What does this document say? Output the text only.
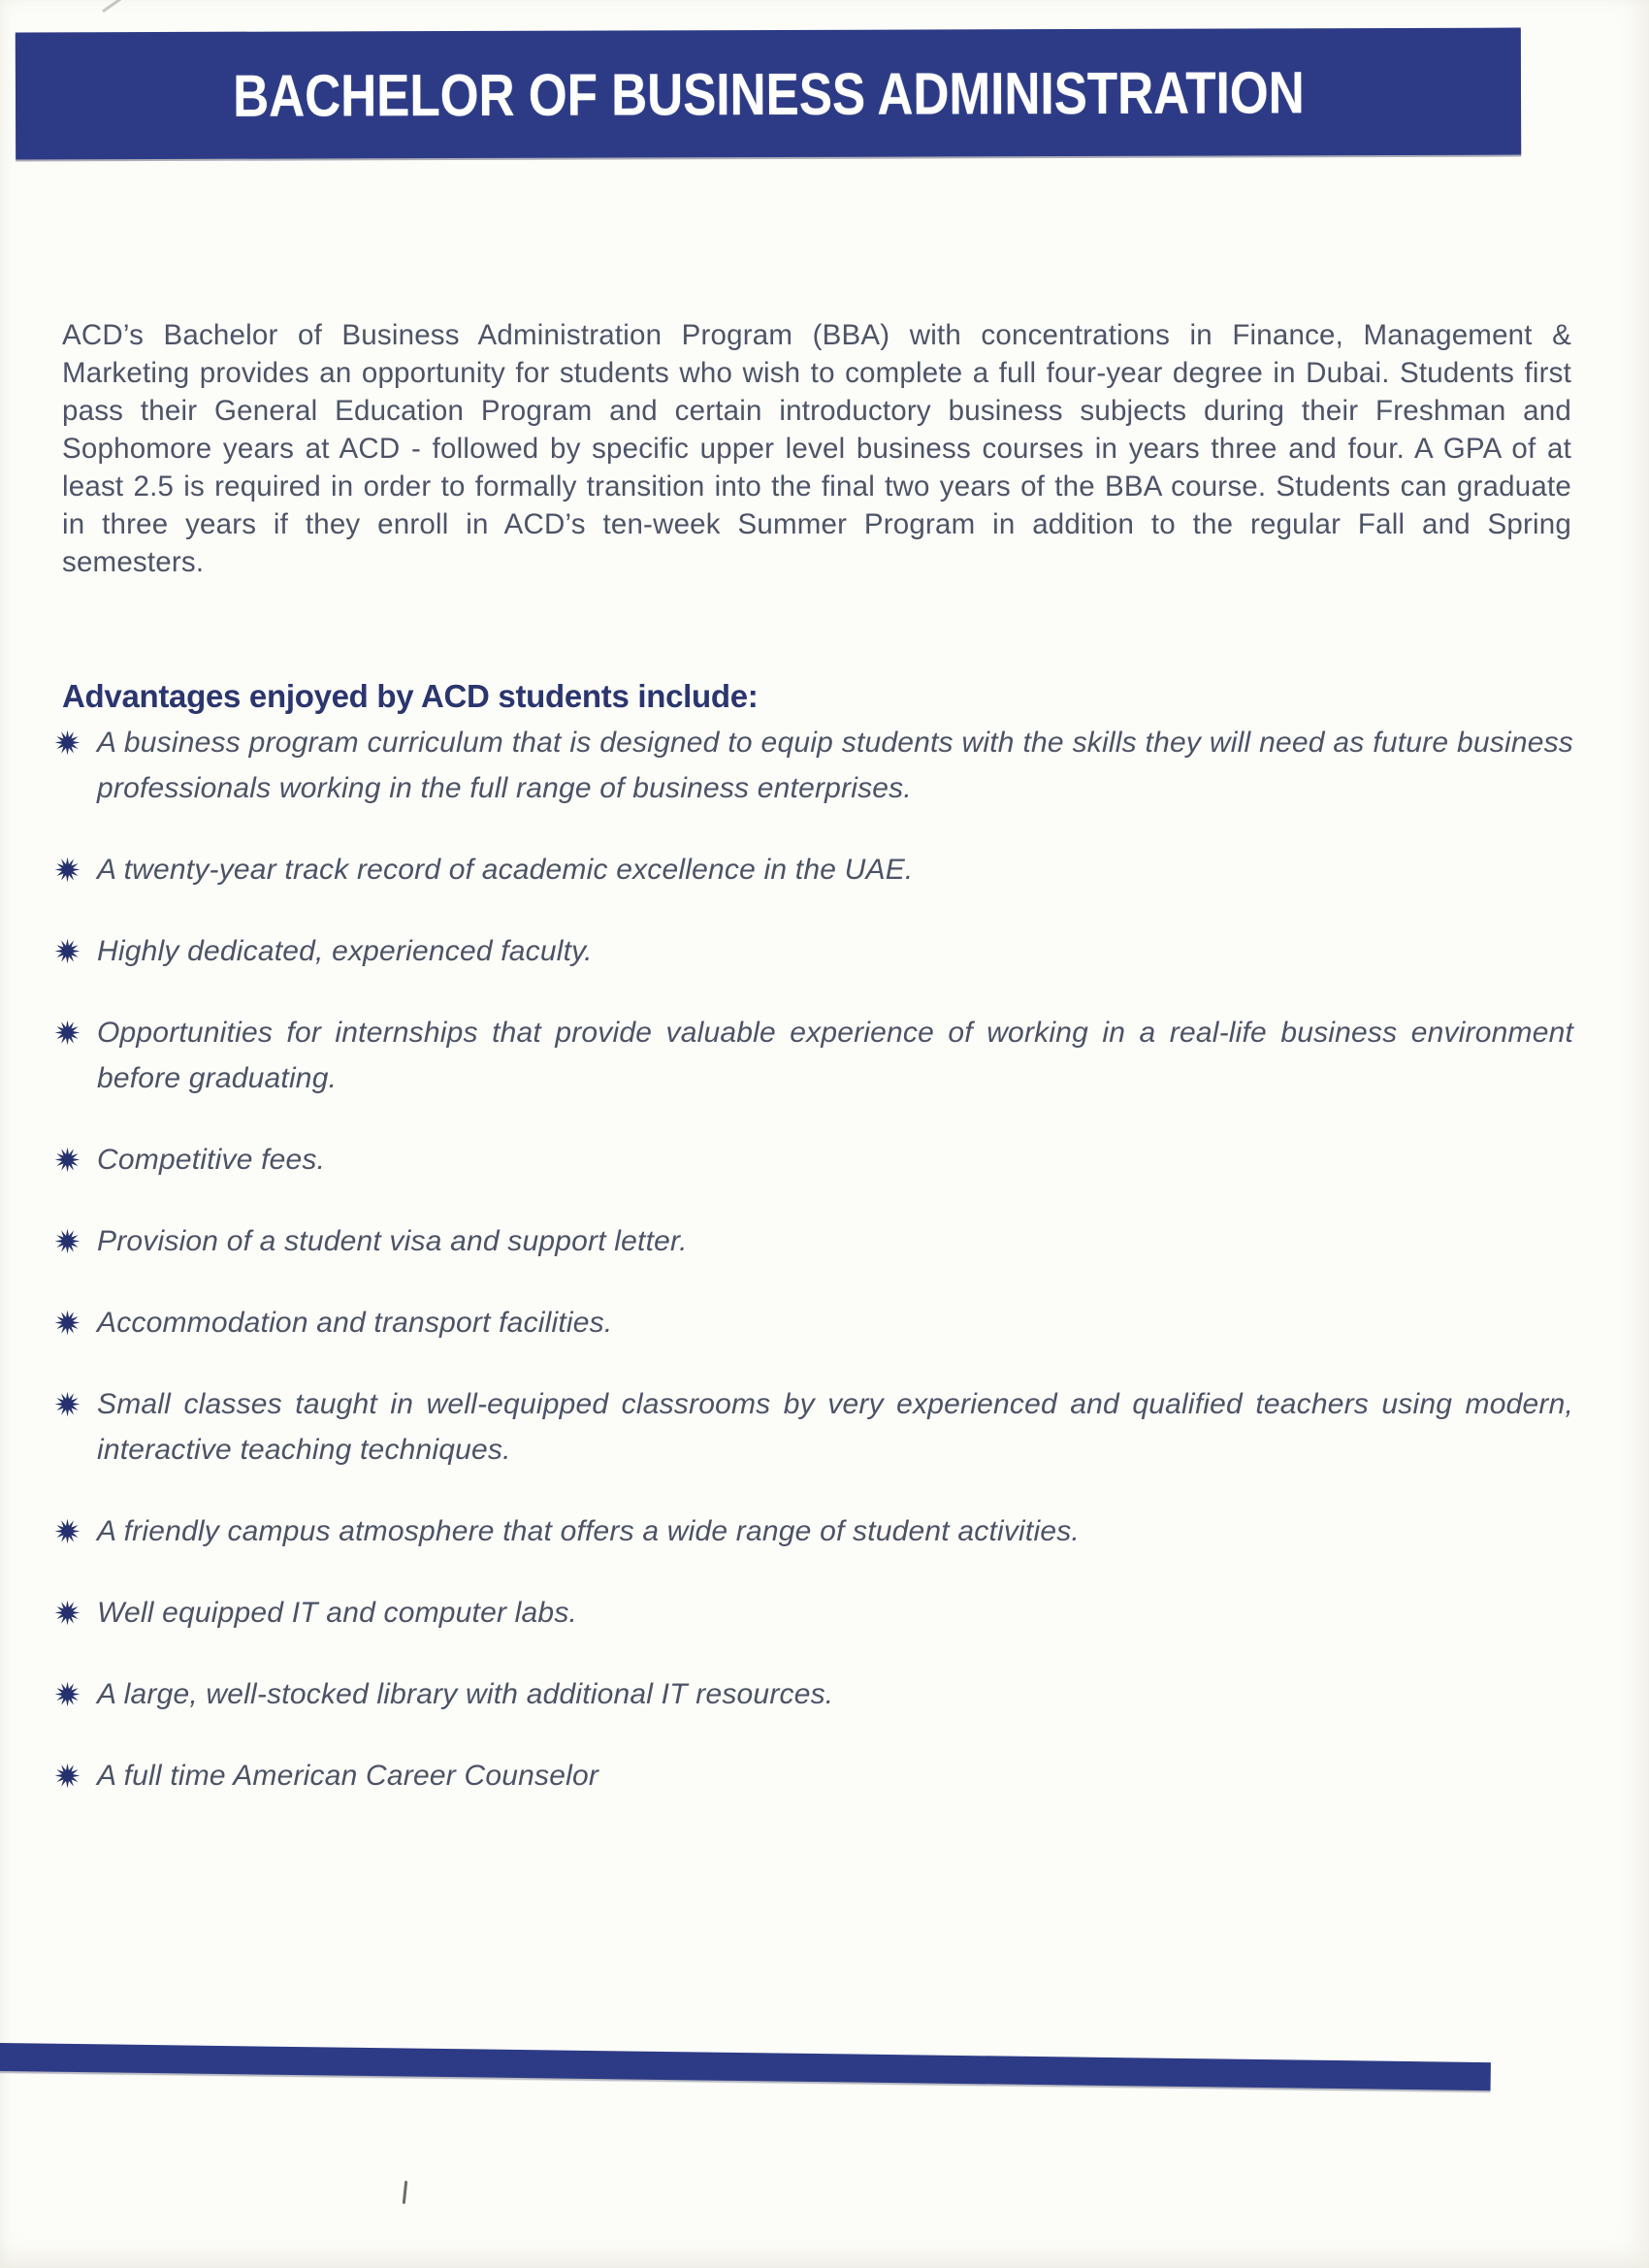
BACHELOR OF BUSINESS ADMINISTRATION

ACD’s Bachelor of Business Administration Program (BBA) with concentrations in Finance, Management & Marketing provides an opportunity for students who wish to complete a full four-year degree in Dubai. Students first pass their General Education Program and certain introductory business subjects during their Freshman and Sophomore years at ACD - followed by specific upper level business courses in years three and four. A GPA of at least 2.5 is required in order to formally transition into the final two years of the BBA course. Students can graduate in three years if they enroll in ACD’s ten-week Summer Program in addition to the regular Fall and Spring semesters.

Advantages enjoyed by ACD students include:
A business program curriculum that is designed to equip students with the skills they will need as future business professionals working in the full range of business enterprises.
A twenty-year track record of academic excellence in the UAE.
Highly dedicated, experienced faculty.
Opportunities for internships that provide valuable experience of working in a real-life business environment before graduating.
Competitive fees.
Provision of a student visa and support letter.
Accommodation and transport facilities.
Small classes taught in well-equipped classrooms by very experienced and qualified teachers using modern, interactive teaching techniques.
A friendly campus atmosphere that offers a wide range of student activities.
Well equipped IT and computer labs.
A large, well-stocked library with additional IT resources.
A full time American Career Counselor
